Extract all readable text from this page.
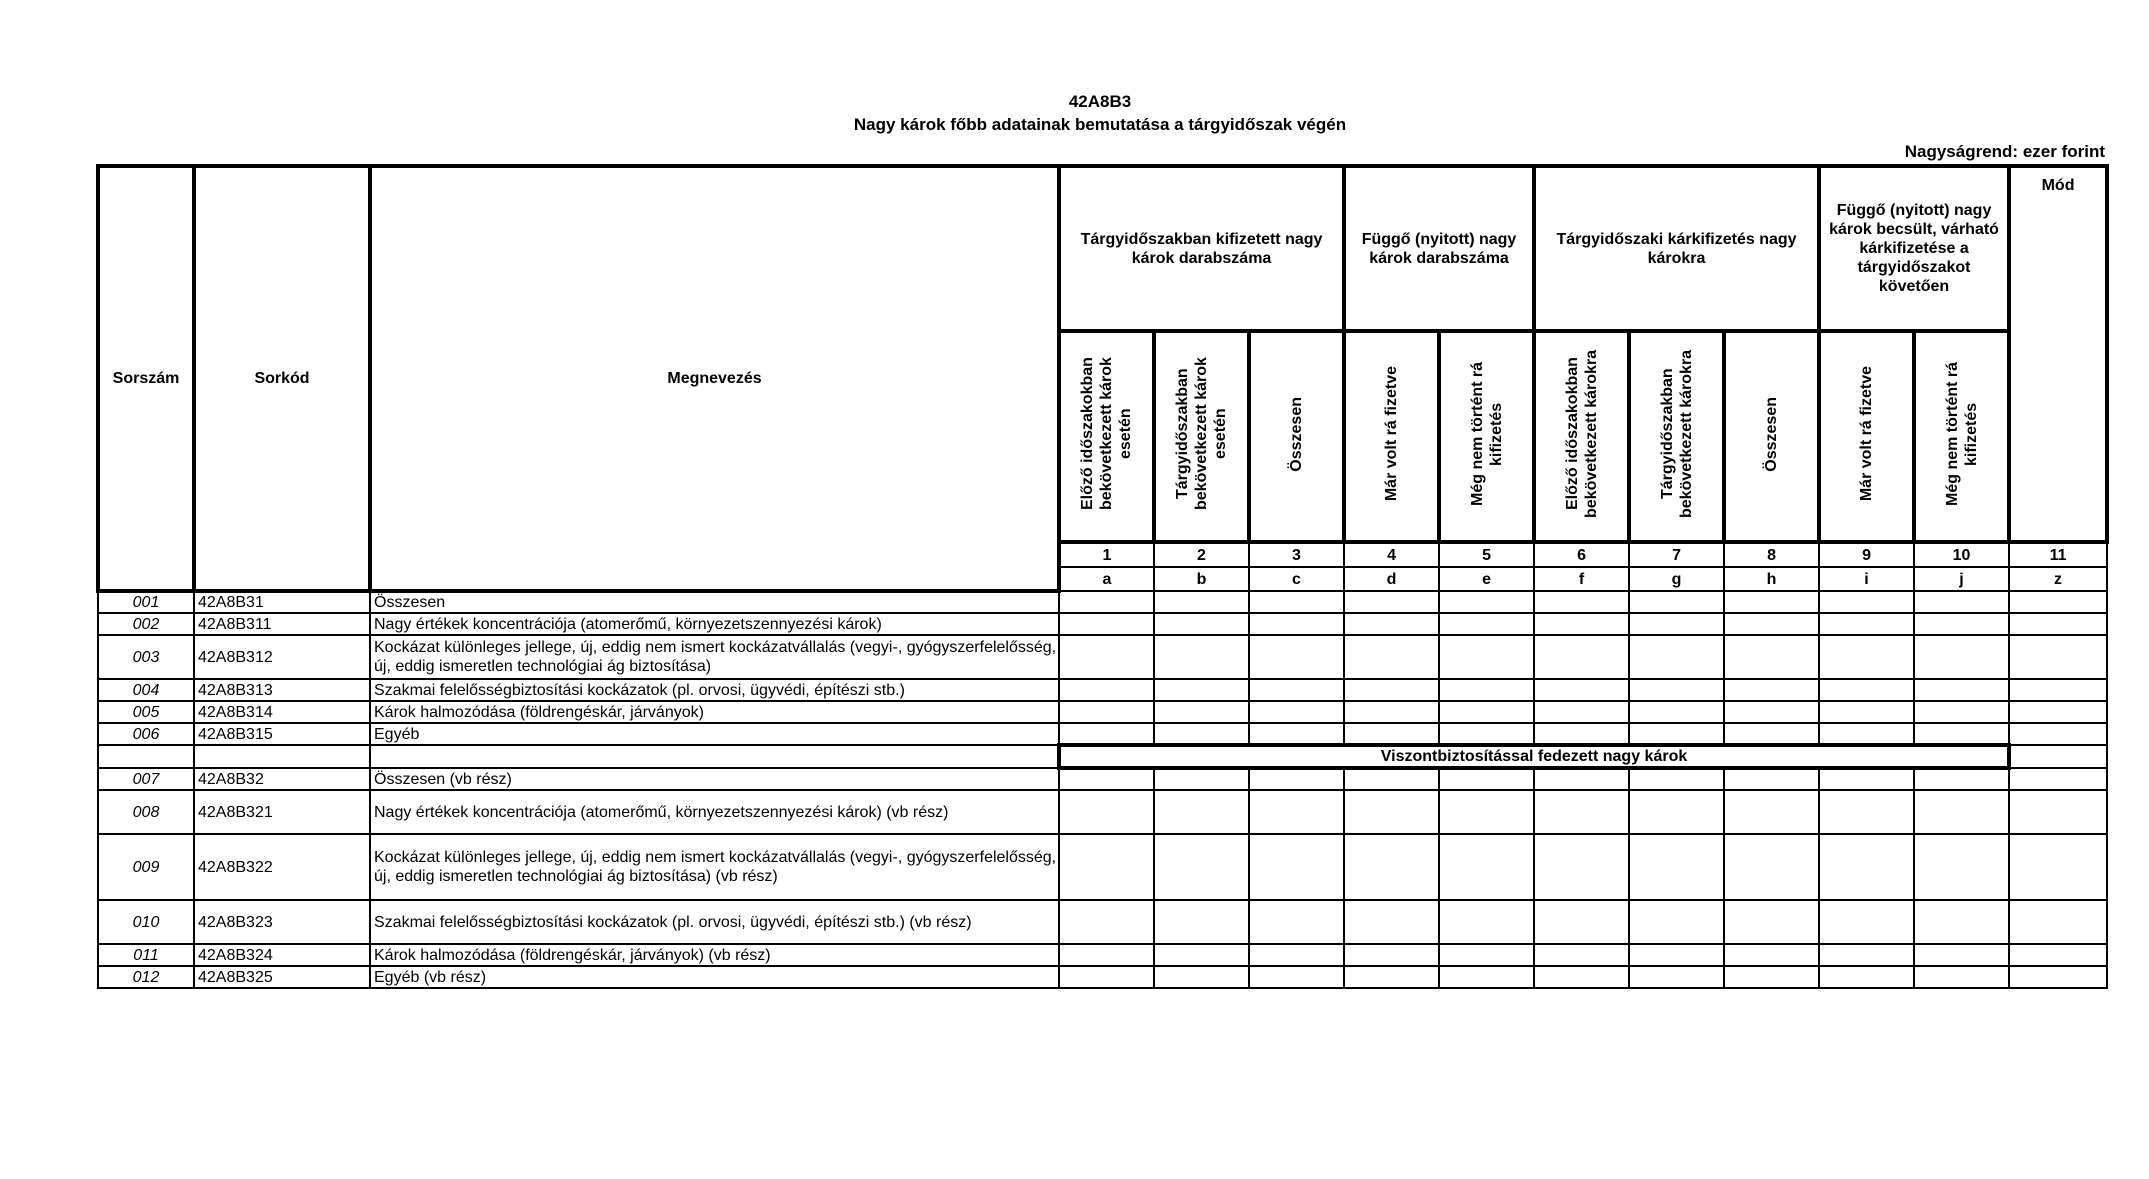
42A8B3
Nagy károk főbb adatainak bemutatása a tárgyidőszak végén
Nagyságrend: ezer forint
Sorszám	Sorkód	Megnevezés	Tárgyidőszakban kifizetett nagy károk darabszáma			Függő (nyitott) nagy károk darabszáma		Tárgyidőszaki kárkifizetés nagy károkra			Függő (nyitott) nagy károk becsült, várható kárkifizetése a tárgyidőszakot követően		Mód
			Előző időszakokban bekövetkezett károk esetén	Tárgyidőszakban bekövetkezett károk esetén	Összesen	Már volt rá fizetve	Még nem történt rá kifizetés	Előző időszakokban bekövetkezett károkra	Tárgyidőszakban bekövetkezett károkra	Összesen	Már volt rá fizetve	Még nem történt rá kifizetés	
			1	2	3	4	5	6	7	8	9	10	11
			a	b	c	d	e	f	g	h	i	j	z
001	42A8B31	Összesen											
002	42A8B311	Nagy értékek koncentrációja (atomerőmű, környezetszennyezési károk)											
003	42A8B312	Kockázat különleges jellege, új, eddig nem ismert kockázatvállalás (vegyi-, gyógyszerfelelősség, új, eddig ismeretlen technológiai ág biztosítása)											
004	42A8B313	Szakmai felelősségbiztosítási kockázatok (pl. orvosi, ügyvédi, építészi stb.)											
005	42A8B314	Károk halmozódása (földrengéskár, járványok)											
006	42A8B315	Egyéb											
			Viszontbiztosítással fedezett nagy károk										
007	42A8B32	Összesen (vb rész)											
008	42A8B321	Nagy értékek koncentrációja (atomerőmű, környezetszennyezési károk) (vb rész)											
009	42A8B322	Kockázat különleges jellege, új, eddig nem ismert kockázatvállalás (vegyi-, gyógyszerfelelősség, új, eddig ismeretlen technológiai ág biztosítása) (vb rész)											
010	42A8B323	Szakmai felelősségbiztosítási kockázatok (pl. orvosi, ügyvédi, építészi stb.) (vb rész)											
011	42A8B324	Károk halmozódása (földrengéskár, járványok) (vb rész)											
012	42A8B325	Egyéb (vb rész)											
